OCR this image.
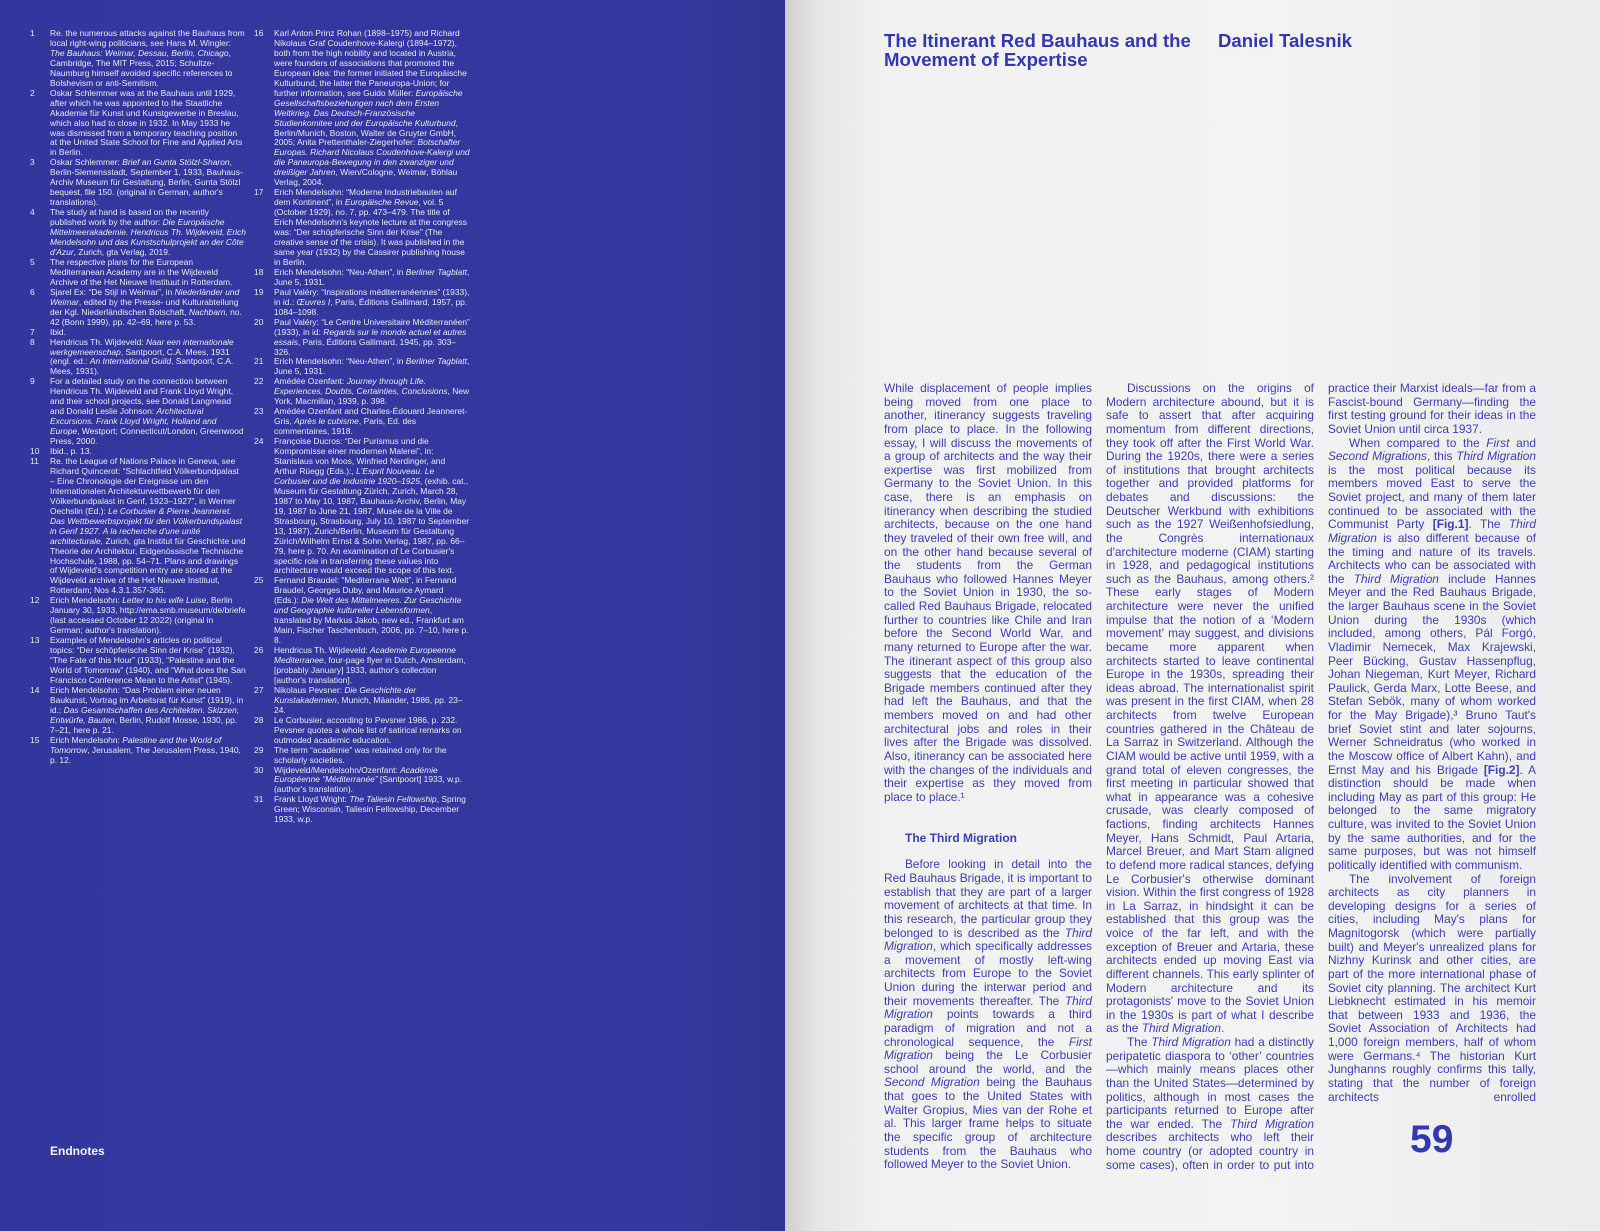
1	Re. the numerous attacks against the Bauhaus from local right-wing politicians, see Hans M. Wingler: The Bauhaus: Weimar, Dessau, Berlin, Chicago, Cambridge, The MIT Press, 2015; Schultze-Naumburg himself avoided specific references to Bolshevism or anti-Semitism.
2	Oskar Schlemmer was at the Bauhaus until 1929, after which he was appointed to the Staatliche Akademie für Kunst und Kunstgewerbe in Breslau, which also had to close in 1932. In May 1933 he was dismissed from a temporary teaching position at the United State School for Fine and Applied Arts in Berlin.
3	Oskar Schlemmer: Brief an Gunta Stölzl-Sharon, Berlin-Siemensstadt, September 1, 1933, Bauhaus-Archiv Museum für Gestaltung, Berlin, Gunta Stölzl bequest, file 150. (original in German, author's translations).
4	The study at hand is based on the recently published work by the author: Die Europäische Mittelmeerakademie. Hendricus Th. Wijdeveld, Erich Mendelsohn und das Kunstschulprojekt an der Côte d'Azur, Zurich, gta Verlag, 2019.
5	The respective plans for the European Mediterranean Academy are in the Wijdeveld Archive of the Het Nieuwe Instituut in Rotterdam.
6	Sjarel Ex: “De Stijl in Weimar”, in Niederländer und Weimar, edited by the Presse- und Kulturabteilung der Kgl. Niederländischen Botschaft, Nachbarn, no. 42 (Bonn 1999), pp. 42–69, here p. 53.
7	Ibid.
8	Hendricus Th. Wijdeveld: Naar een internationale werkgemeenschap, Santpoort, C.A. Mees, 1931 (engl. ed.: An International Guild, Santpoort, C.A. Mees, 1931).
9	For a detailed study on the connection between Hendricus Th. Wijdeveld and Frank Lloyd Wright, and their school projects, see Donald Langmead and Donald Leslie Johnson: Architectural Excursions. Frank Lloyd Wright, Holland and Europe, Westport; Connecticut/London, Greenwood Press, 2000.
10	Ibid., p. 13.
11	Re. the League of Nations Palace in Geneva, see Richard Quincerot: “Schlachtfeld Völkerbundpalast – Eine Chronologie der Ereignisse um den Internationalen Architekturwettbewerb für den Völkerbundpalast in Genf, 1923–1927”, in Werner Oechslin (Ed.): Le Corbusier & Pierre Jeanneret. Das Wettbewerbsprojekt für den Völkerbundspalast in Genf 1927. A la recherche d'une unité architecturale, Zurich, gta Institut für Geschichte und Theorie der Architektur, Eidgenössische Technische Hochschule, 1988, pp. 54–71. Plans and drawings of Wijdeveld's competition entry are stored at the Wijdeveld archive of the Het Nieuwe Instituut, Rotterdam; Nos 4.3.1.357-365.
12	Erich Mendelsohn: Letter to his wife Luise, Berlin January 30, 1933, http://ema.smb.museum/de/briefe (last accessed October 12 2022) (original in German; author's translation).
13	Examples of Mendelsohn's articles on political topics: “Der schöpferische Sinn der Krise” (1932), “The Fate of this Hour” (1933), “Palestine and the World of Tomorrow” (1940), and “What does the San Francisco Conference Mean to the Artist” (1945).
14	Erich Mendelsohn: “Das Problem einer neuen Baukunst, Vortrag im Arbeitsrat für Kunst” (1919), in id.: Das Gesamtschaffen des Architekten. Skizzen, Entwürfe, Bauten, Berlin, Rudolf Mosse, 1930, pp. 7–21, here p. 21.
15	Erich Mendelsohn: Palestine and the World of Tomorrow, Jerusalem, The Jerusalem Press, 1940, p. 12.
16	Karl Anton Prinz Rohan (1898–1975) and Richard Nikolaus Graf Coudenhove-Kalergi (1894–1972), both from the high nobility and located in Austria, were founders of associations that promoted the European idea: the former initiated the Europäische Kulturbund, the latter the Paneuropa-Union; for further information, see Guido Müller: Europäische Gesellschaftsbeziehungen nach dem Ersten Weltkrieg. Das Deutsch-Französische Studienkomitee und der Europäische Kulturbund, Berlin/Munich, Boston, Walter de Gruyter GmbH, 2005; Anita Prettenthaler-Ziegerhofer: Botschafter Europas. Richard Nicolaus Coudenhove-Kalergi und die Paneuropa-Bewegung in den zwanziger und dreißiger Jahren, Wien/Cologne, Weimar, Böhlau Verlag, 2004.
17	Erich Mendelsohn: “Moderne Industriebauten auf dem Kontinent”, in Europäische Revue, vol. 5 (October 1929), no. 7, pp. 473–479. The title of Erich Mendelsohn's keynote lecture at the congress was: “Der schöpferische Sinn der Krise” (The creative sense of the crisis). It was published in the same year (1932) by the Cassirer publishing house in Berlin.
18	Erich Mendelsohn: “Neu-Athen”, in Berliner Tagblatt, June 5, 1931.
19	Paul Valéry: “Inspirations méditerranéennes” (1933), in id.: Œuvres I, Paris, Éditions Gallimard, 1957, pp. 1084–1098.
20	Paul Valéry: “Le Centre Universitaire Méditerranéen” (1933), in id: Regards sur le monde actuel et autres essais, Paris, Éditions Gallimard, 1945, pp. 303–326.
21	Erich Mendelsohn: “Neu-Athen”, in Berliner Tagblatt, June 5, 1931.
22	Amédée Ozenfant: Journey through Life. Experiences, Doubts, Certainties, Conclusions, New York, Macmillan, 1939, p. 398.
23	Amédée Ozenfant and Charles-Édouard Jeanneret-Gris, Après le cubisme, Paris, Ed. des commentaires, 1918.
24	Françoise Ducros: “Der Purismus und die Kompromisse einer modernen Malerei”, in: Stanislaus von Moos, Winfried Nerdinger, and Arthur Rüegg (Eds.):, L'Esprit Nouveau. Le Corbusier und die Industrie 1920–1925, (exhib. cat., Museum für Gestaltung Zürich, Zurich, March 28, 1987 to May 10, 1987, Bauhaus-Archiv, Berlin, May 19, 1987 to June 21, 1987, Musée de la Ville de Strasbourg, Strasbourg, July 10, 1987 to September 13, 1987), Zurich/Berlin, Museum für Gestaltung Zürich/Wilhelm Ernst & Sohn Verlag, 1987, pp. 66–79, here p. 70. An examination of Le Corbusier's specific role in transferring these values into architecture would exceed the scope of this text.
25	Fernand Braudel: “Mediterrane Welt”, in Fernand Braudel, Georges Duby, and Maurice Aymard (Eds.): Die Welt des Mittelmeeres. Zur Geschichte und Geographie kultureller Lebensformen, translated by Markus Jakob, new ed., Frankfurt am Main, Fischer Taschenbuch, 2006, pp. 7–10, here p. 8.
26	Hendricus Th. Wijdeveld: Academie Europeenne Mediterranee, four-page flyer in Dutch, Amsterdam, [probably January] 1933, author's collection [author's translation].
27	Nikolaus Pevsner: Die Geschichte der Kunstakademien, Munich, Mäander, 1986, pp. 23–24.
28	Le Corbusier, according to Pevsner 1986, p. 232. Pevsner quotes a whole list of satirical remarks on outmoded academic education.
29	The term “académie” was retained only for the scholarly societies.
30	Wijdeveld/Mendelsohn/Ozenfant: Académie Européenne “Méditerranée” [Santpoort] 1933, w.p. (author's translation).
31	Frank Lloyd Wright: The Taliesin Fellowship, Spring Green; Wisconsin, Taliesin Fellowship, December 1933, w.p.
Endnotes
The Itinerant Red Bauhaus and the Movement of Expertise
Daniel Talesnik

While displacement of people implies being moved from one place to another, itinerancy suggests traveling from place to place. In the following essay, I will discuss the movements of a group of architects and the way their expertise was first mobilized from Germany to the Soviet Union. In this case, there is an emphasis on itinerancy when describing the studied architects, because on the one hand they traveled of their own free will, and on the other hand because several of the students from the German Bauhaus who followed Hannes Meyer to the Soviet Union in 1930, the so-called Red Bauhaus Brigade, relocated further to countries like Chile and Iran before the Second World War, and many returned to Europe after the war. The itinerant aspect of this group also suggests that the education of the Brigade members continued after they had left the Bauhaus, and that the members moved on and had other architectural jobs and roles in their lives after the Brigade was dissolved. Also, itinerancy can be associated here with the changes of the individuals and their expertise as they moved from place to place.¹

The Third Migration

Before looking in detail into the Red Bauhaus Brigade, it is important to establish that they are part of a larger movement of architects at that time. In this research, the particular group they belonged to is described as the Third Migration, which specifically addresses a movement of mostly left-wing architects from Europe to the Soviet Union during the interwar period and their movements thereafter. The Third Migration points towards a third paradigm of migration and not a chronological sequence, the First Migration being the Le Corbusier school around the world, and the Second Migration being the Bauhaus that goes to the United States with Walter Gropius, Mies van der Rohe et al. This larger frame helps to situate the specific group of architecture students from the Bauhaus who followed Meyer to the Soviet Union.

Discussions on the origins of Modern architecture abound, but it is safe to assert that after acquiring momentum from different directions, they took off after the First World War. During the 1920s, there were a series of institutions that brought architects together and provided platforms for debates and discussions: the Deutscher Werkbund with exhibitions such as the 1927 Weißenhofsiedlung, the Congrès internationaux d'architecture moderne (CIAM) starting in 1928, and pedagogical institutions such as the Bauhaus, among others.² These early stages of Modern architecture were never the unified impulse that the notion of a ‘Modern movement’ may suggest, and divisions became more apparent when architects started to leave continental Europe in the 1930s, spreading their ideas abroad. The internationalist spirit was present in the first CIAM, when 28 architects from twelve European countries gathered in the Château de La Sarraz in Switzerland. Although the CIAM would be active until 1959, with a grand total of eleven congresses, the first meeting in particular showed that what in appearance was a cohesive crusade, was clearly composed of factions, finding architects Hannes Meyer, Hans Schmidt, Paul Artaria, Marcel Breuer, and Mart Stam aligned to defend more radical stances, defying Le Corbusier's otherwise dominant vision. Within the first congress of 1928 in La Sarraz, in hindsight it can be established that this group was the voice of the far left, and with the exception of Breuer and Artaria, these architects ended up moving East via different channels. This early splinter of Modern architecture and its protagonists' move to the Soviet Union in the 1930s is part of what I describe as the Third Migration.

The Third Migration had a distinctly peripatetic diaspora to ‘other’ countries—which mainly means places other than the United States—determined by politics, although in most cases the participants returned to Europe after the war ended. The Third Migration describes architects who left their home country (or adopted country in some cases), often in order to put into

practice their Marxist ideals—far from a Fascist-bound Germany—finding the first testing ground for their ideas in the Soviet Union until circa 1937.

When compared to the First and Second Migrations, this Third Migration is the most political because its members moved East to serve the Soviet project, and many of them later continued to be associated with the Communist Party [Fig.1]. The Third Migration is also different because of the timing and nature of its travels. Architects who can be associated with the Third Migration include Hannes Meyer and the Red Bauhaus Brigade, the larger Bauhaus scene in the Soviet Union during the 1930s (which included, among others, Pál Forgó, Vladimir Nemecek, Max Krajewski, Peer Bücking, Gustav Hassenpflug, Johan Niegeman, Kurt Meyer, Richard Paulick, Gerda Marx, Lotte Beese, and Stefan Sebök, many of whom worked for the May Brigade),³ Bruno Taut's brief Soviet stint and later sojourns, Werner Schneidratus (who worked in the Moscow office of Albert Kahn), and Ernst May and his Brigade [Fig.2]. A distinction should be made when including May as part of this group: He belonged to the same migratory culture, was invited to the Soviet Union by the same authorities, and for the same purposes, but was not himself politically identified with communism.

The involvement of foreign architects as city planners in developing designs for a series of cities, including May's plans for Magnitogorsk (which were partially built) and Meyer's unrealized plans for Nizhny Kurinsk and other cities, are part of the more international phase of Soviet city planning. The architect Kurt Liebknecht estimated in his memoir that between 1933 and 1936, the Soviet Association of Architects had 1,000 foreign members, half of whom were Germans.⁴ The historian Kurt Junghanns roughly confirms this tally, stating that the number of foreign architects enrolled

59
